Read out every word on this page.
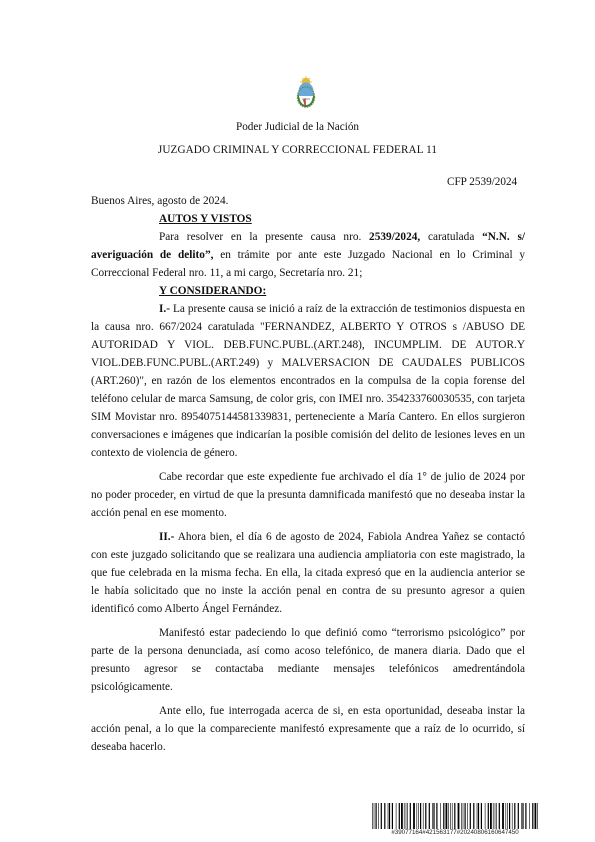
Poder Judicial de la Nación
JUZGADO CRIMINAL Y CORRECCIONAL FEDERAL 11
CFP 2539/2024

Buenos Aires, agosto de 2024.

AUTOS Y VISTOS

Para resolver en la presente causa nro. 2539/2024, caratulada “N.N. s/ averiguación de delito”, en trámite por ante este Juzgado Nacional en lo Criminal y Correccional Federal nro. 11, a mi cargo, Secretaría nro. 21;

Y CONSIDERANDO:

I.- La presente causa se inició a raíz de la extracción de testimonios dispuesta en la causa nro. 667/2024 caratulada "FERNANDEZ, ALBERTO Y OTROS s /ABUSO DE AUTORIDAD Y VIOL. DEB.FUNC.PUBL.(ART.248), INCUMPLIM. DE AUTOR.Y VIOL.DEB.FUNC.PUBL.(ART.249) y MALVERSACION DE CAUDALES PUBLICOS (ART.260)", en razón de los elementos encontrados en la compulsa de la copia forense del teléfono celular de marca Samsung, de color gris, con IMEI nro. 354233760030535, con tarjeta SIM Movistar nro. 8954075144581339831, perteneciente a María Cantero. En ellos surgieron conversaciones e imágenes que indicarían la posible comisión del delito de lesiones leves en un contexto de violencia de género.

Cabe recordar que este expediente fue archivado el día 1° de julio de 2024 por no poder proceder, en virtud de que la presunta damnificada manifestó que no deseaba instar la acción penal en ese momento.

II.- Ahora bien, el día 6 de agosto de 2024, Fabiola Andrea Yañez se contactó con este juzgado solicitando que se realizara una audiencia ampliatoria con este magistrado, la que fue celebrada en la misma fecha. En ella, la citada expresó que en la audiencia anterior se le había solicitado que no inste la acción penal en contra de su presunto agresor a quien identificó como Alberto Ángel Fernández.

Manifestó estar padeciendo lo que definió como “terrorismo psicológico” por parte de la persona denunciada, así como acoso telefónico, de manera diaria. Dado que el presunto agresor se contactaba mediante mensajes telefónicos amedrentándola psicológicamente.

Ante ello, fue interrogada acerca de si, en esta oportunidad, deseaba instar la acción penal, a lo que la compareciente manifestó expresamente que a raíz de lo ocurrido, sí deseaba hacerlo.

#39077164#421563177#20240806160647450
